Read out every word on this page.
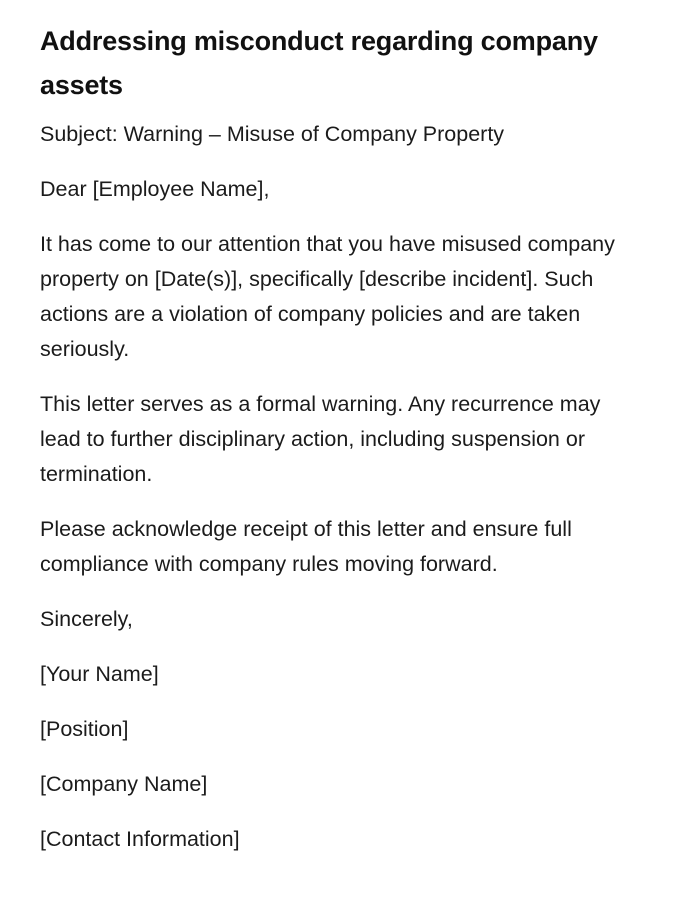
Addressing misconduct regarding company assets

Subject: Warning – Misuse of Company Property

Dear [Employee Name],

It has come to our attention that you have misused company property on [Date(s)], specifically [describe incident]. Such actions are a violation of company policies and are taken seriously.

This letter serves as a formal warning. Any recurrence may lead to further disciplinary action, including suspension or termination.

Please acknowledge receipt of this letter and ensure full compliance with company rules moving forward.

Sincerely,

[Your Name]

[Position]

[Company Name]

[Contact Information]
